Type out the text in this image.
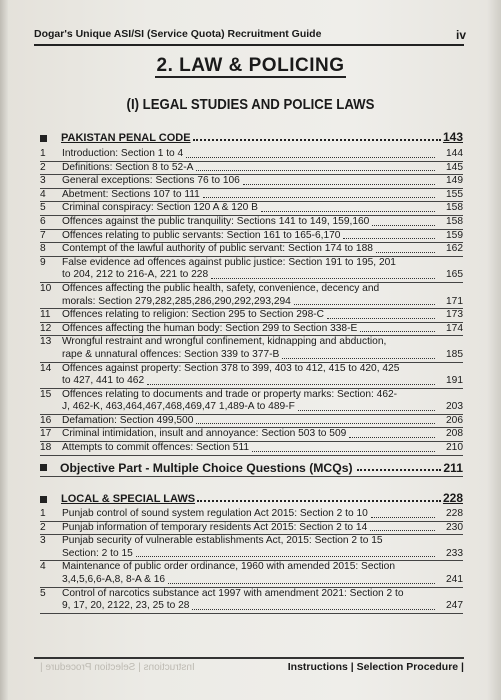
Dogar's Unique ASI/SI (Service Quota) Recruitment Guide	iv
2. LAW & POLICING
(I) LEGAL STUDIES AND POLICE LAWS
PAKISTAN PENAL CODE	143
1	Introduction: Section 1 to 4	144
2	Definitions: Section 8 to 52-A	145
3	General exceptions: Sections 76 to 106	149
4	Abetment: Sections 107 to 111	155
5	Criminal conspiracy: Section 120 A & 120 B	158
6	Offences against the public tranquility: Sections 141 to 149, 159,160	158
7	Offences relating to public servants: Section 161 to 165-6,170	159
8	Contempt of the lawful authority of public servant: Section 174 to 188	162
9	False evidence ad offences against public justice: Section 191 to 195, 201
to 204, 212 to 216-A, 221 to 228	165
10	Offences affecting the public health, safety, convenience, decency and
morals: Section 279,282,285,286,290,292,293,294	171
11	Offences relating to religion: Section 295 to Section 298-C	173
12	Offences affecting the human body: Section 299 to Section 338-E	174
13	Wrongful restraint and wrongful confinement, kidnapping and abduction,
rape & unnatural offences: Section 339 to 377-B	185
14	Offences against property: Section 378 to 399, 403 to 412, 415 to 420, 425
to 427, 441 to 462	191
15	Offences relating to documents and trade or property marks: Section: 462-
J, 462-K, 463,464,467,468,469,47 1,489-A to 489-F	203
16	Defamation: Section 499,500	206
17	Criminal intimidation, insult and annoyance: Section 503 to 509	208
18	Attempts to commit offences: Section 511	210
Objective Part - Multiple Choice Questions (MCQs)	211
LOCAL & SPECIAL LAWS	228
1	Punjab control of sound system regulation Act 2015: Section 2 to 10	228
2	Punjab information of temporary residents Act 2015: Section 2 to 14	230
3	Punjab security of vulnerable establishments Act, 2015: Section 2 to 15
Section: 2 to 15	233
4	Maintenance of public order ordinance, 1960 with amended 2015: Section
3,4,5,6,6-A,8, 8-A & 16	241
5	Control of narcotics substance act 1997 with amendment 2021: Section 2 to
9, 17, 20, 2122, 23, 25 to 28	247
Instructions | Selection Procedure |	Instructions | Selection Procedure |
